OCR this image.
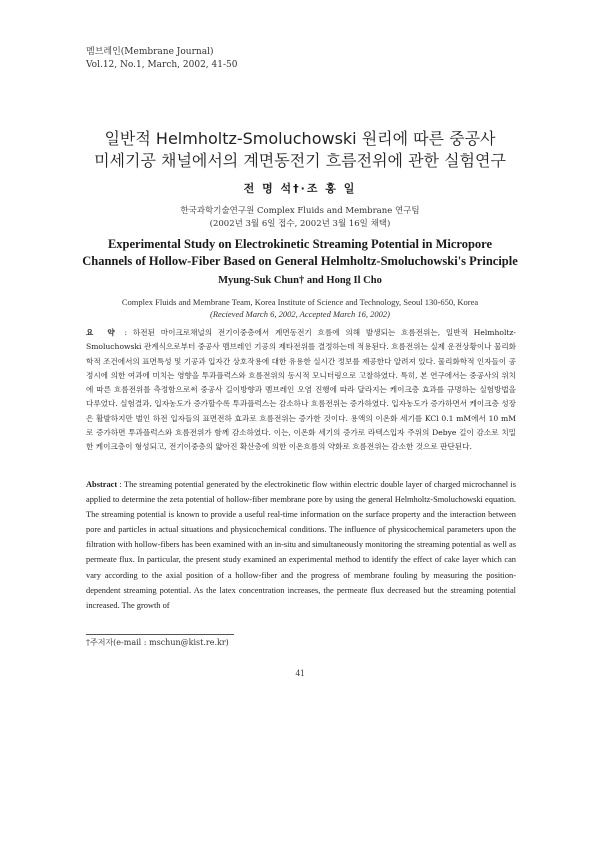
멤브레인(Membrane Journal)
Vol.12, No.1, March, 2002, 41-50
일반적 Helmholtz-Smoluchowski 원리에 따른 중공사
미세기공 채널에서의 계면동전기 흐름전위에 관한 실험연구
전 명 석†·조 홍 일
한국과학기술연구원 Complex Fluids and Membrane 연구팀
(2002년 3월 6일 접수, 2002년 3월 16일 채택)
Experimental Study on Electrokinetic Streaming Potential in Micropore
Channels of Hollow-Fiber Based on General Helmholtz-Smoluchowski's Principle
Myung-Suk Chun† and Hong Il Cho
Complex Fluids and Membrane Team, Korea Institute of Science and Technology, Seoul 130-650, Korea
(Recieved March 6, 2002, Accepted March 16, 2002)
요 약 : 하전된 마이크로채널의 전기이중층에서 계면동전기 흐름에 의해 발생되는 흐름전위는, 일반적 Helmholtz-Smoluchowski 관계식으로부터 중공사 멤브레인 기공의 제타전위를 결정하는데 적용된다. 흐름전위는 실제 운전상황이나 물리화학적 조건에서의 표면특성 및 기공과 입자간 상호작용에 대한 유용한 실시간 정보를 제공한다 알려져 있다. 물리화학적 인자들이 공정시에 의한 여과에 미치는 영향을 투과플럭스와 흐름전위의 동시적 모니터링으로 고찰하였다. 특히, 본 연구에서는 중공사의 위치에 따른 흐름전위를 측정함으로써 중공사 길이방향과 멤브레인 오염 진행에 따라 달라지는 케이크층 효과를 규명하는 실험방법을 다루었다. 실험결과, 입자농도가 증가할수록 투과플럭스는 감소하나 흐름전위는 증가하였다. 입자농도가 증가하면서 케이크층 성장은 활발하지만 벌인 하전 입자들의 표면전하 효과로 흐름전위는 증가한 것이다. 용액의 이온화 세기를 KCl 0.1 mM에서 10 mM로 증가하면 투과플럭스와 흐름전위가 함께 감소하였다. 이는, 이온화 세기의 증가로 라텍스입자 주위의 Debye 길이 감소로 치밀한 케이크층이 형성되고, 전기이중층의 얇아진 확산층에 의한 이온흐름의 약화로 흐름전위는 감소한 것으로 판단된다.
Abstract : The streaming potential generated by the electrokinetic flow within electric double layer of charged microchannel is applied to determine the zeta potential of hollow-fiber membrane pore by using the general Helmholtz-Smoluchowski equation. The streaming potential is known to provide a useful real-time information on the surface property and the interaction between pore and particles in actual situations and physicochemical conditions. The influence of physicochemical parameters upon the filtration with hollow-fibers has been examined with an in-situ and simultaneously monitoring the streaming potential as well as permeate flux. In particular, the present study examined an experimental method to identify the effect of cake layer which can vary according to the axial position of a hollow-fiber and the progress of membrane fouling by measuring the position-dependent streaming potential. As the latex concentration increases, the permeate flux decreased but the streaming potential increased. The growth of
†주저자(e-mail : mschun@kist.re.kr)
41
